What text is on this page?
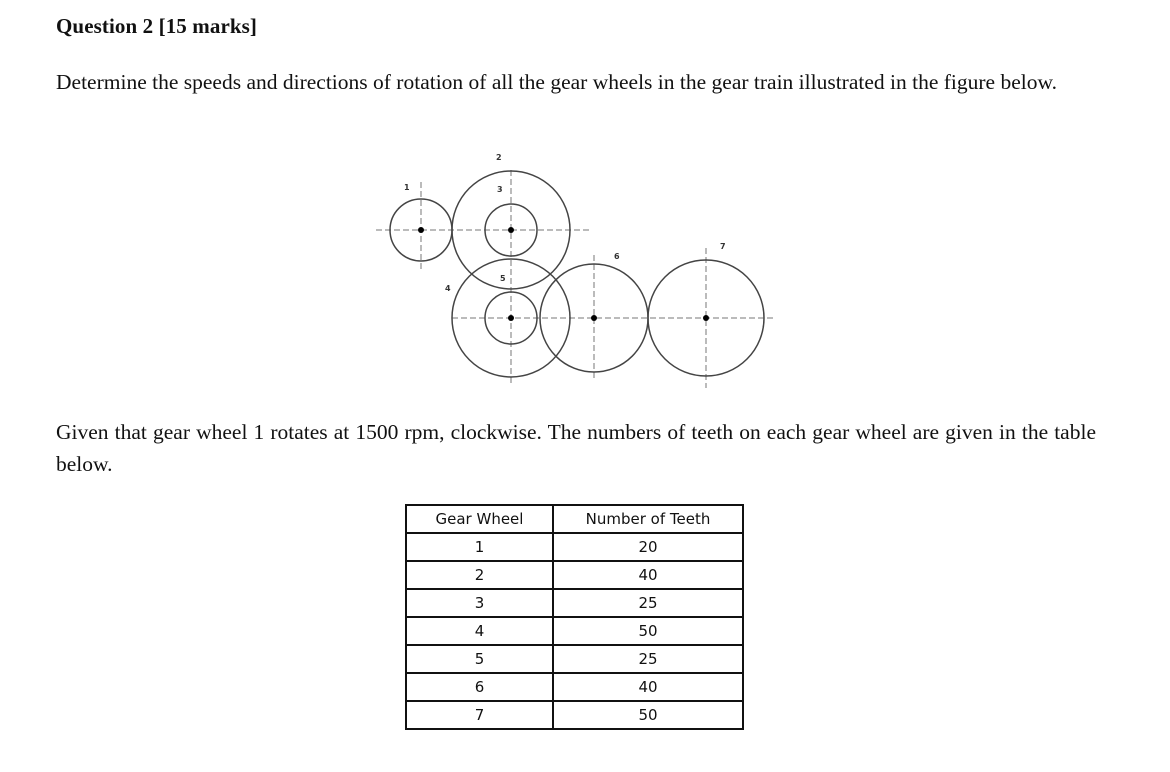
Question 2 [15 marks]
Determine the speeds and directions of rotation of all the gear wheels in the gear train illustrated in the figure below.
1
2
3
4
5
6
7
Given that gear wheel 1 rotates at 1500 rpm, clockwise. The numbers of teeth on each gear wheel are given in the table below.
Gear Wheel	Number of Teeth
1	20
2	40
3	25
4	50
5	25
6	40
7	50
